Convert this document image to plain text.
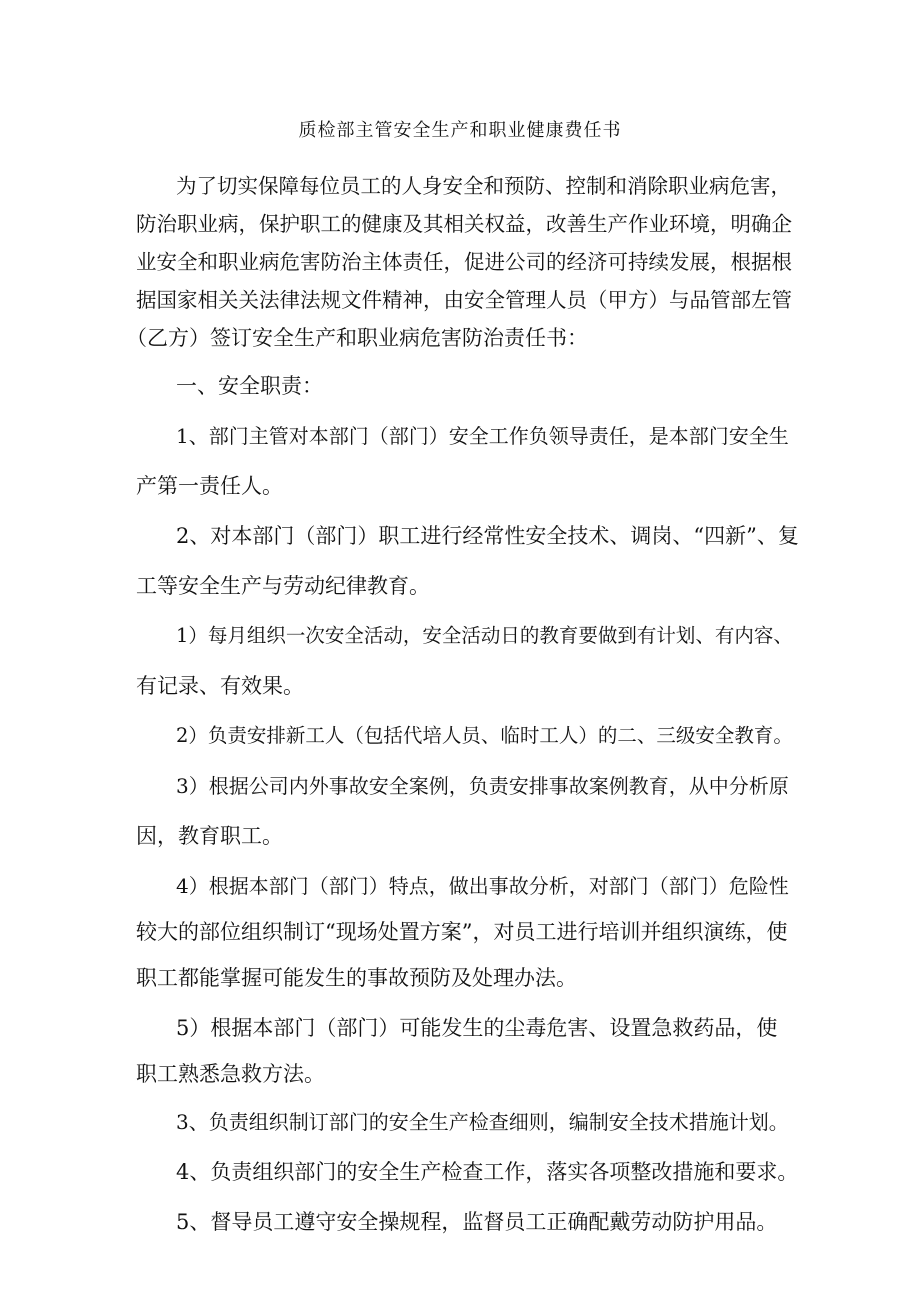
质检部主管安全生产和职业健康费任书
为了切实保障每位员工的人身安全和预防、控制和消除职业病危害，
防治职业病，保护职工的健康及其相关权益，改善生产作业环境，明确企
业安全和职业病危害防治主体责任，促进公司的经济可持续发展，根据根
据国家相关关法律法规文件精神，由安全管理人员（甲方）与品管部左管
（乙方）签订安全生产和职业病危害防治责任书：
一、安全职责：
1、部门主管对本部门（部门）安全工作负领导责任，是本部门安全生
产第一责任人。
2、对本部门（部门）职工进行经常性安全技术、调岗、“四新”、复
工等安全生产与劳动纪律教育。
1）每月组织一次安全活动，安全活动日的教育要做到有计划、有内容、
有记录、有效果。
2）负责安排新工人（包括代培人员、临时工人）的二、三级安全教育。
3）根据公司内外事故安全案例，负责安排事故案例教育，从中分析原
因，教育职工。
4）根据本部门（部门）特点，做出事故分析，对部门（部门）危险性
较大的部位组织制订“现场处置方案”，对员工进行培训并组织演练，使
职工都能掌握可能发生的事故预防及处理办法。
5）根据本部门（部门）可能发生的尘毒危害、设置急救药品，使
职工熟悉急救方法。
3、负责组织制订部门的安全生产检查细则，编制安全技术措施计划。
4、负责组织部门的安全生产检查工作，落实各项整改措施和要求。
5、督导员工遵守安全操规程，监督员工正确配戴劳动防护用品。
